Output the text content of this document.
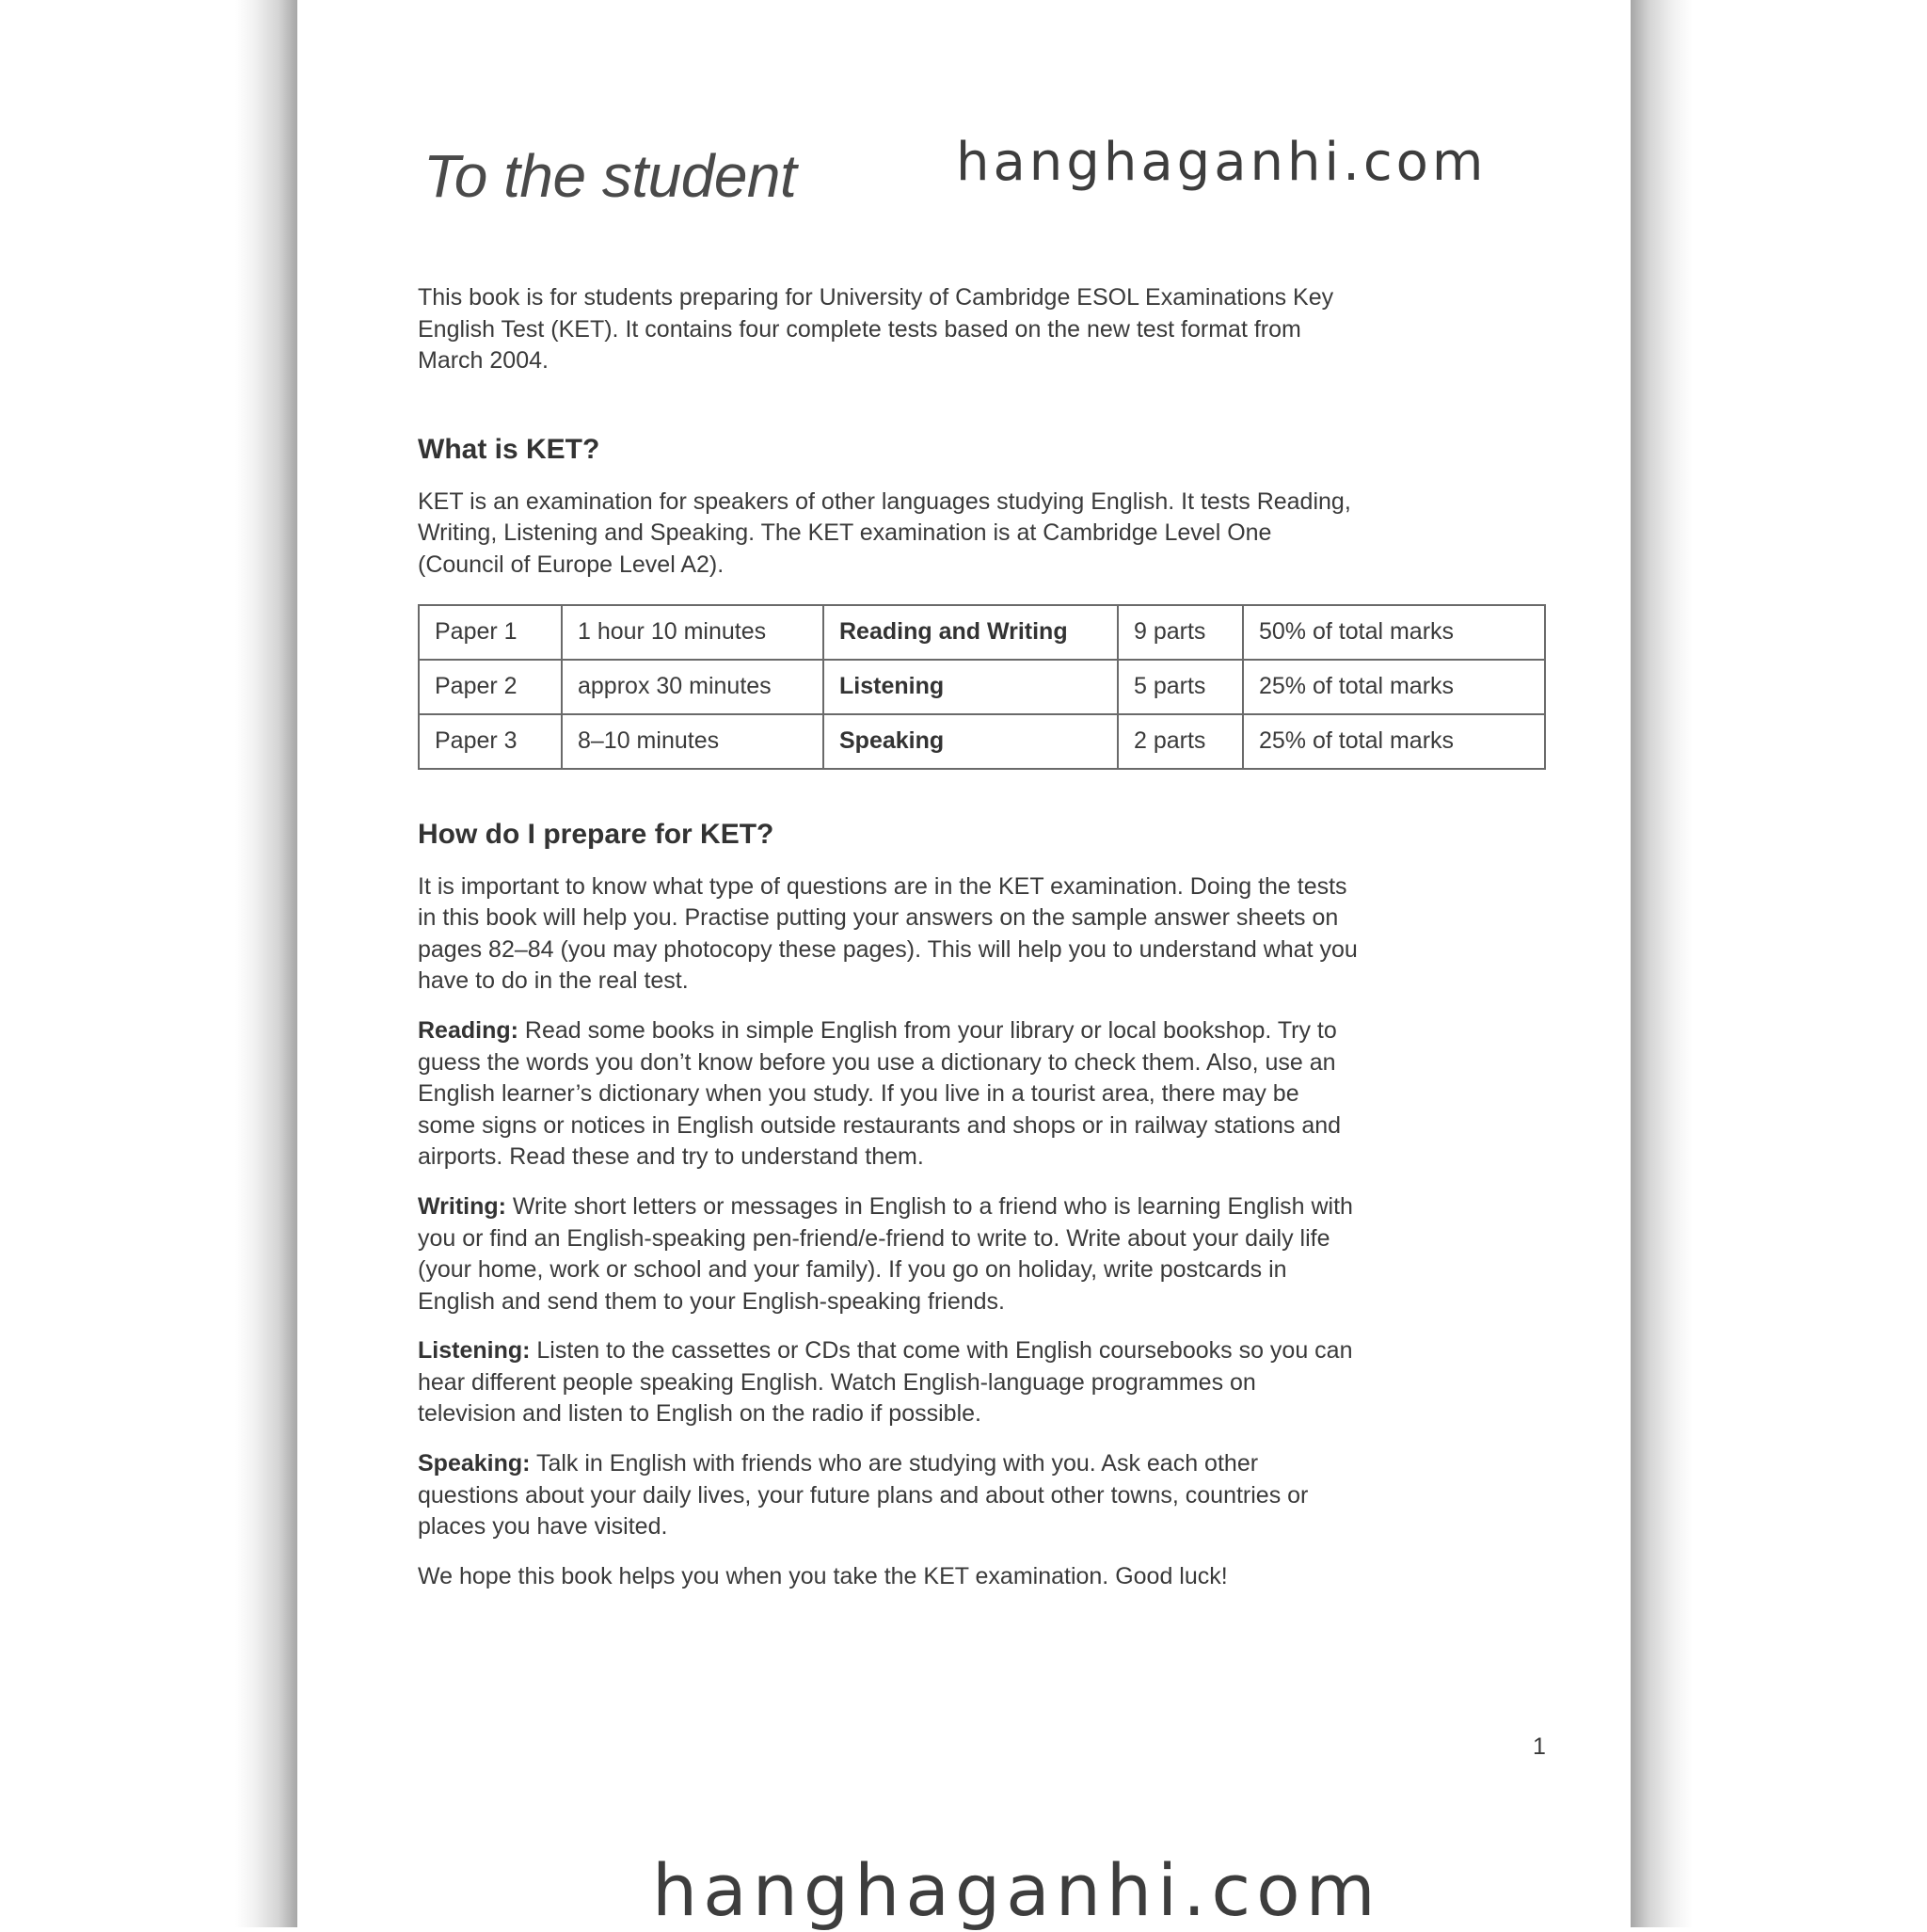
To the student

This book is for students preparing for University of Cambridge ESOL Examinations Key English Test (KET). It contains four complete tests based on the new test format from March 2004.

What is KET?

KET is an examination for speakers of other languages studying English. It tests Reading, Writing, Listening and Speaking. The KET examination is at Cambridge Level One (Council of Europe Level A2).

Paper 1	1 hour 10 minutes	Reading and Writing	9 parts	50% of total marks
Paper 2	approx 30 minutes	Listening	5 parts	25% of total marks
Paper 3	8–10 minutes	Speaking	2 parts	25% of total marks
How do I prepare for KET?

It is important to know what type of questions are in the KET examination. Doing the tests in this book will help you. Practise putting your answers on the sample answer sheets on pages 82–84 (you may photocopy these pages). This will help you to understand what you have to do in the real test.

Reading: Read some books in simple English from your library or local bookshop. Try to guess the words you don’t know before you use a dictionary to check them. Also, use an English learner’s dictionary when you study. If you live in a tourist area, there may be some signs or notices in English outside restaurants and shops or in railway stations and airports. Read these and try to understand them.

Writing: Write short letters or messages in English to a friend who is learning English with you or find an English-speaking pen-friend/e-friend to write to. Write about your daily life (your home, work or school and your family). If you go on holiday, write postcards in English and send them to your English-speaking friends.

Listening: Listen to the cassettes or CDs that come with English coursebooks so you can hear different people speaking English. Watch English-language programmes on television and listen to English on the radio if possible.

Speaking: Talk in English with friends who are studying with you. Ask each other questions about your daily lives, your future plans and about other towns, countries or places you have visited.

We hope this book helps you when you take the KET examination. Good luck!

1
hanghaganhi.com
hanghaganhi.com
